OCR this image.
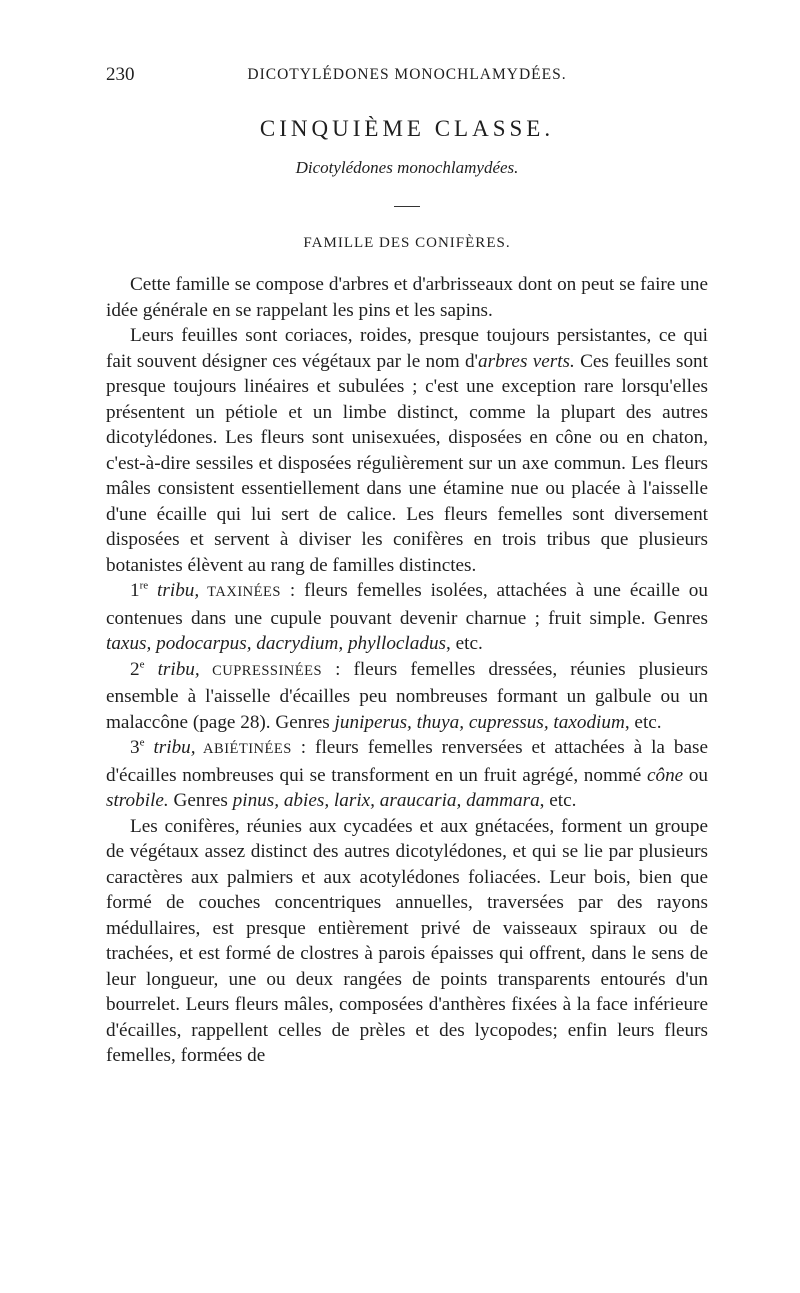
230	DICOTYLÉDONES MONOCHLAMYDÉES.
CINQUIÈME CLASSE.
Dicotylédones monochlamydées.
FAMILLE DES CONIFÈRES.

Cette famille se compose d'arbres et d'arbrisseaux dont on peut se faire une idée générale en se rappelant les pins et les sapins.

Leurs feuilles sont coriaces, roides, presque toujours persistantes, ce qui fait souvent désigner ces végétaux par le nom d'arbres verts. Ces feuilles sont presque toujours linéaires et subulées ; c'est une exception rare lorsqu'elles présentent un pétiole et un limbe distinct, comme la plupart des autres dicotylédones. Les fleurs sont unisexuées, disposées en cône ou en chaton, c'est-à-dire sessiles et disposées régulièrement sur un axe commun. Les fleurs mâles consistent essentiellement dans une étamine nue ou placée à l'aisselle d'une écaille qui lui sert de calice. Les fleurs femelles sont diversement disposées et servent à diviser les conifères en trois tribus que plusieurs botanistes élèvent au rang de familles distinctes.

1re tribu, TAXINÉES : fleurs femelles isolées, attachées à une écaille ou contenues dans une cupule pouvant devenir charnue ; fruit simple. Genres taxus, podocarpus, dacrydium, phyllocladus, etc.

2e tribu, CUPRESSINÉES : fleurs femelles dressées, réunies plusieurs ensemble à l'aisselle d'écailles peu nombreuses formant un galbule ou un malaccône (page 28). Genres juniperus, thuya, cupressus, taxodium, etc.

3e tribu, ABIÉTINÉES : fleurs femelles renversées et attachées à la base d'écailles nombreuses qui se transforment en un fruit agrégé, nommé cône ou strobile. Genres pinus, abies, larix, araucaria, dammara, etc.

Les conifères, réunies aux cycadées et aux gnétacées, forment un groupe de végétaux assez distinct des autres dicotylédones, et qui se lie par plusieurs caractères aux palmiers et aux acotylédones foliacées. Leur bois, bien que formé de couches concentriques annuelles, traversées par des rayons médullaires, est presque entièrement privé de vaisseaux spiraux ou de trachées, et est formé de clostres à parois épaisses qui offrent, dans le sens de leur longueur, une ou deux rangées de points transparents entourés d'un bourrelet. Leurs fleurs mâles, composées d'anthères fixées à la face inférieure d'écailles, rappellent celles de prèles et des lycopodes; enfin leurs fleurs femelles, formées de
